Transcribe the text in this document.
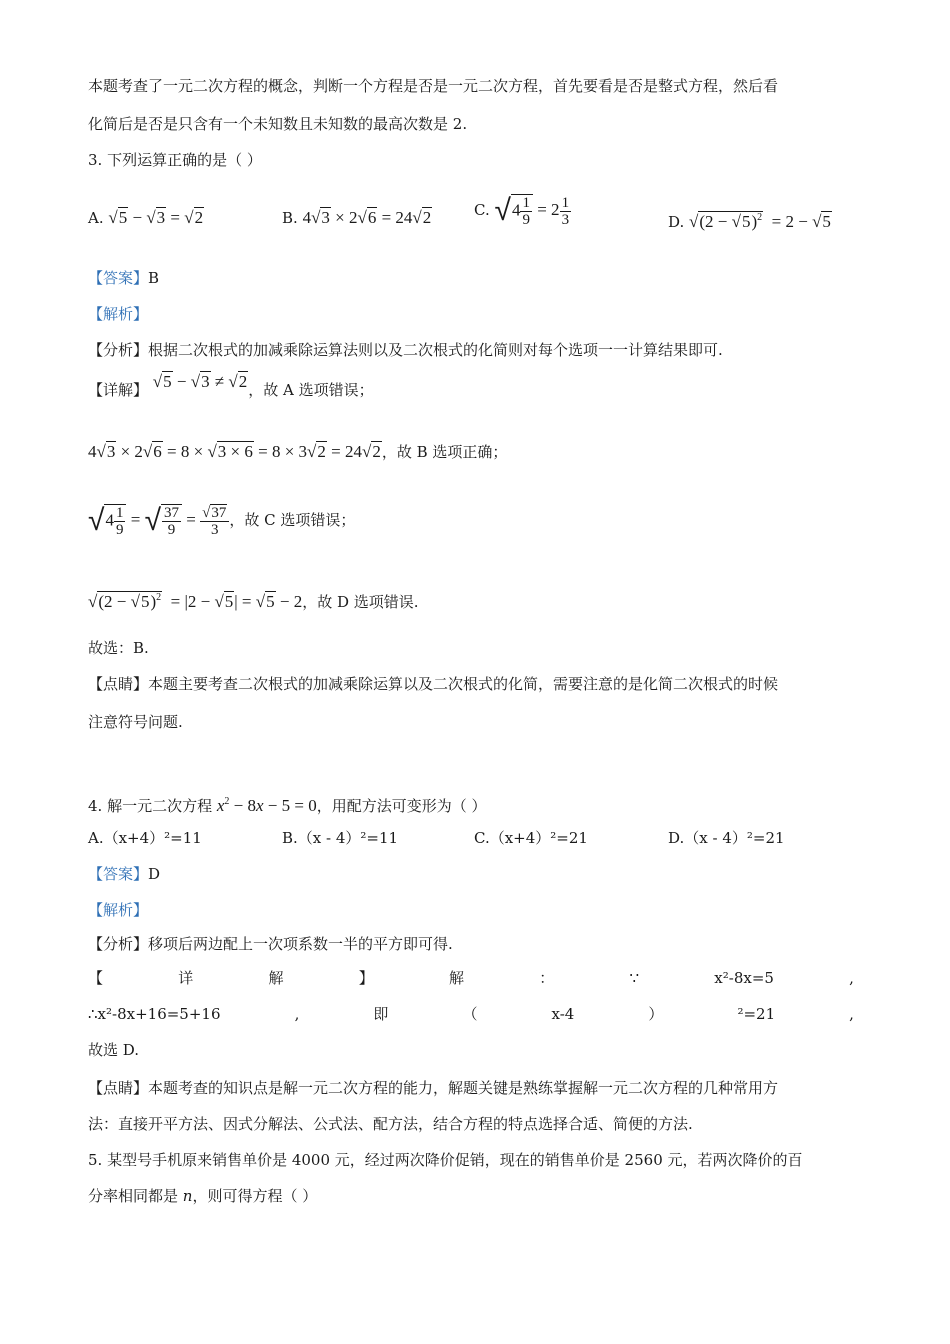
本题考查了一元二次方程的概念，判断一个方程是否是一元二次方程，首先要看是否是整式方程，然后看
化简后是否是只含有一个未知数且未知数的最高次数是 2.
3. 下列运算正确的是（ ）
A. √5 − √3 = √2	B. 4√3 × 2√6 = 24√2	C. $√4 \frac{1}{9} = 2 \frac{1}{3}$	D. $√(2 - √5)^2 = 2 - √5$
【答案】B
【解析】
【分析】根据二次根式的加减乘除运算法则以及二次根式的化简则对每个选项一一计算结果即可.
【详解】 √5 − √3 ≠ √2，故 A 选项错误；
4√3 × 2√6 = 8 × √3 × 6 = 8 × 3√2 = 24√2，故 B 选项正确；
$√4 \frac{1}{9}$ = √ $\frac{37}{9} = \frac{√37}{3}$ ，故 C 选项错误；
$√(2 - √5)^2 = |2 - √5| = √5 - 2$，故 D 选项错误.
故选：B.
【点睛】本题主要考查二次根式的加减乘除运算以及二次根式的化简，需要注意的是化简二次根式的时候
注意符号问题.
4. 解一元二次方程 $x^2 - 8x - 5 = 0$，用配方法可变形为（ ）
A.（x+4）²=11	B.（x - 4）²=11	C.（x+4）²=21	D.（x - 4）²=21
【答案】D
【解析】
【分析】移项后两边配上一次项系数一半的平方即可得.
【	详	解	】	解	：	∵	x²-8x=5	,
∴x²-8x+16=5+16	,	即	（	x-4	）	²=21	,
故选 D.
【点睛】本题考查的知识点是解一元二次方程的能力，解题关键是熟练掌握解一元二次方程的几种常用方
法：直接开平方法、因式分解法、公式法、配方法，结合方程的特点选择合适、简便的方法.
5. 某型号手机原来销售单价是 4000 元，经过两次降价促销，现在的销售单价是 2560 元，若两次降价的百
分率相同都是 n，则可得方程（ ）
